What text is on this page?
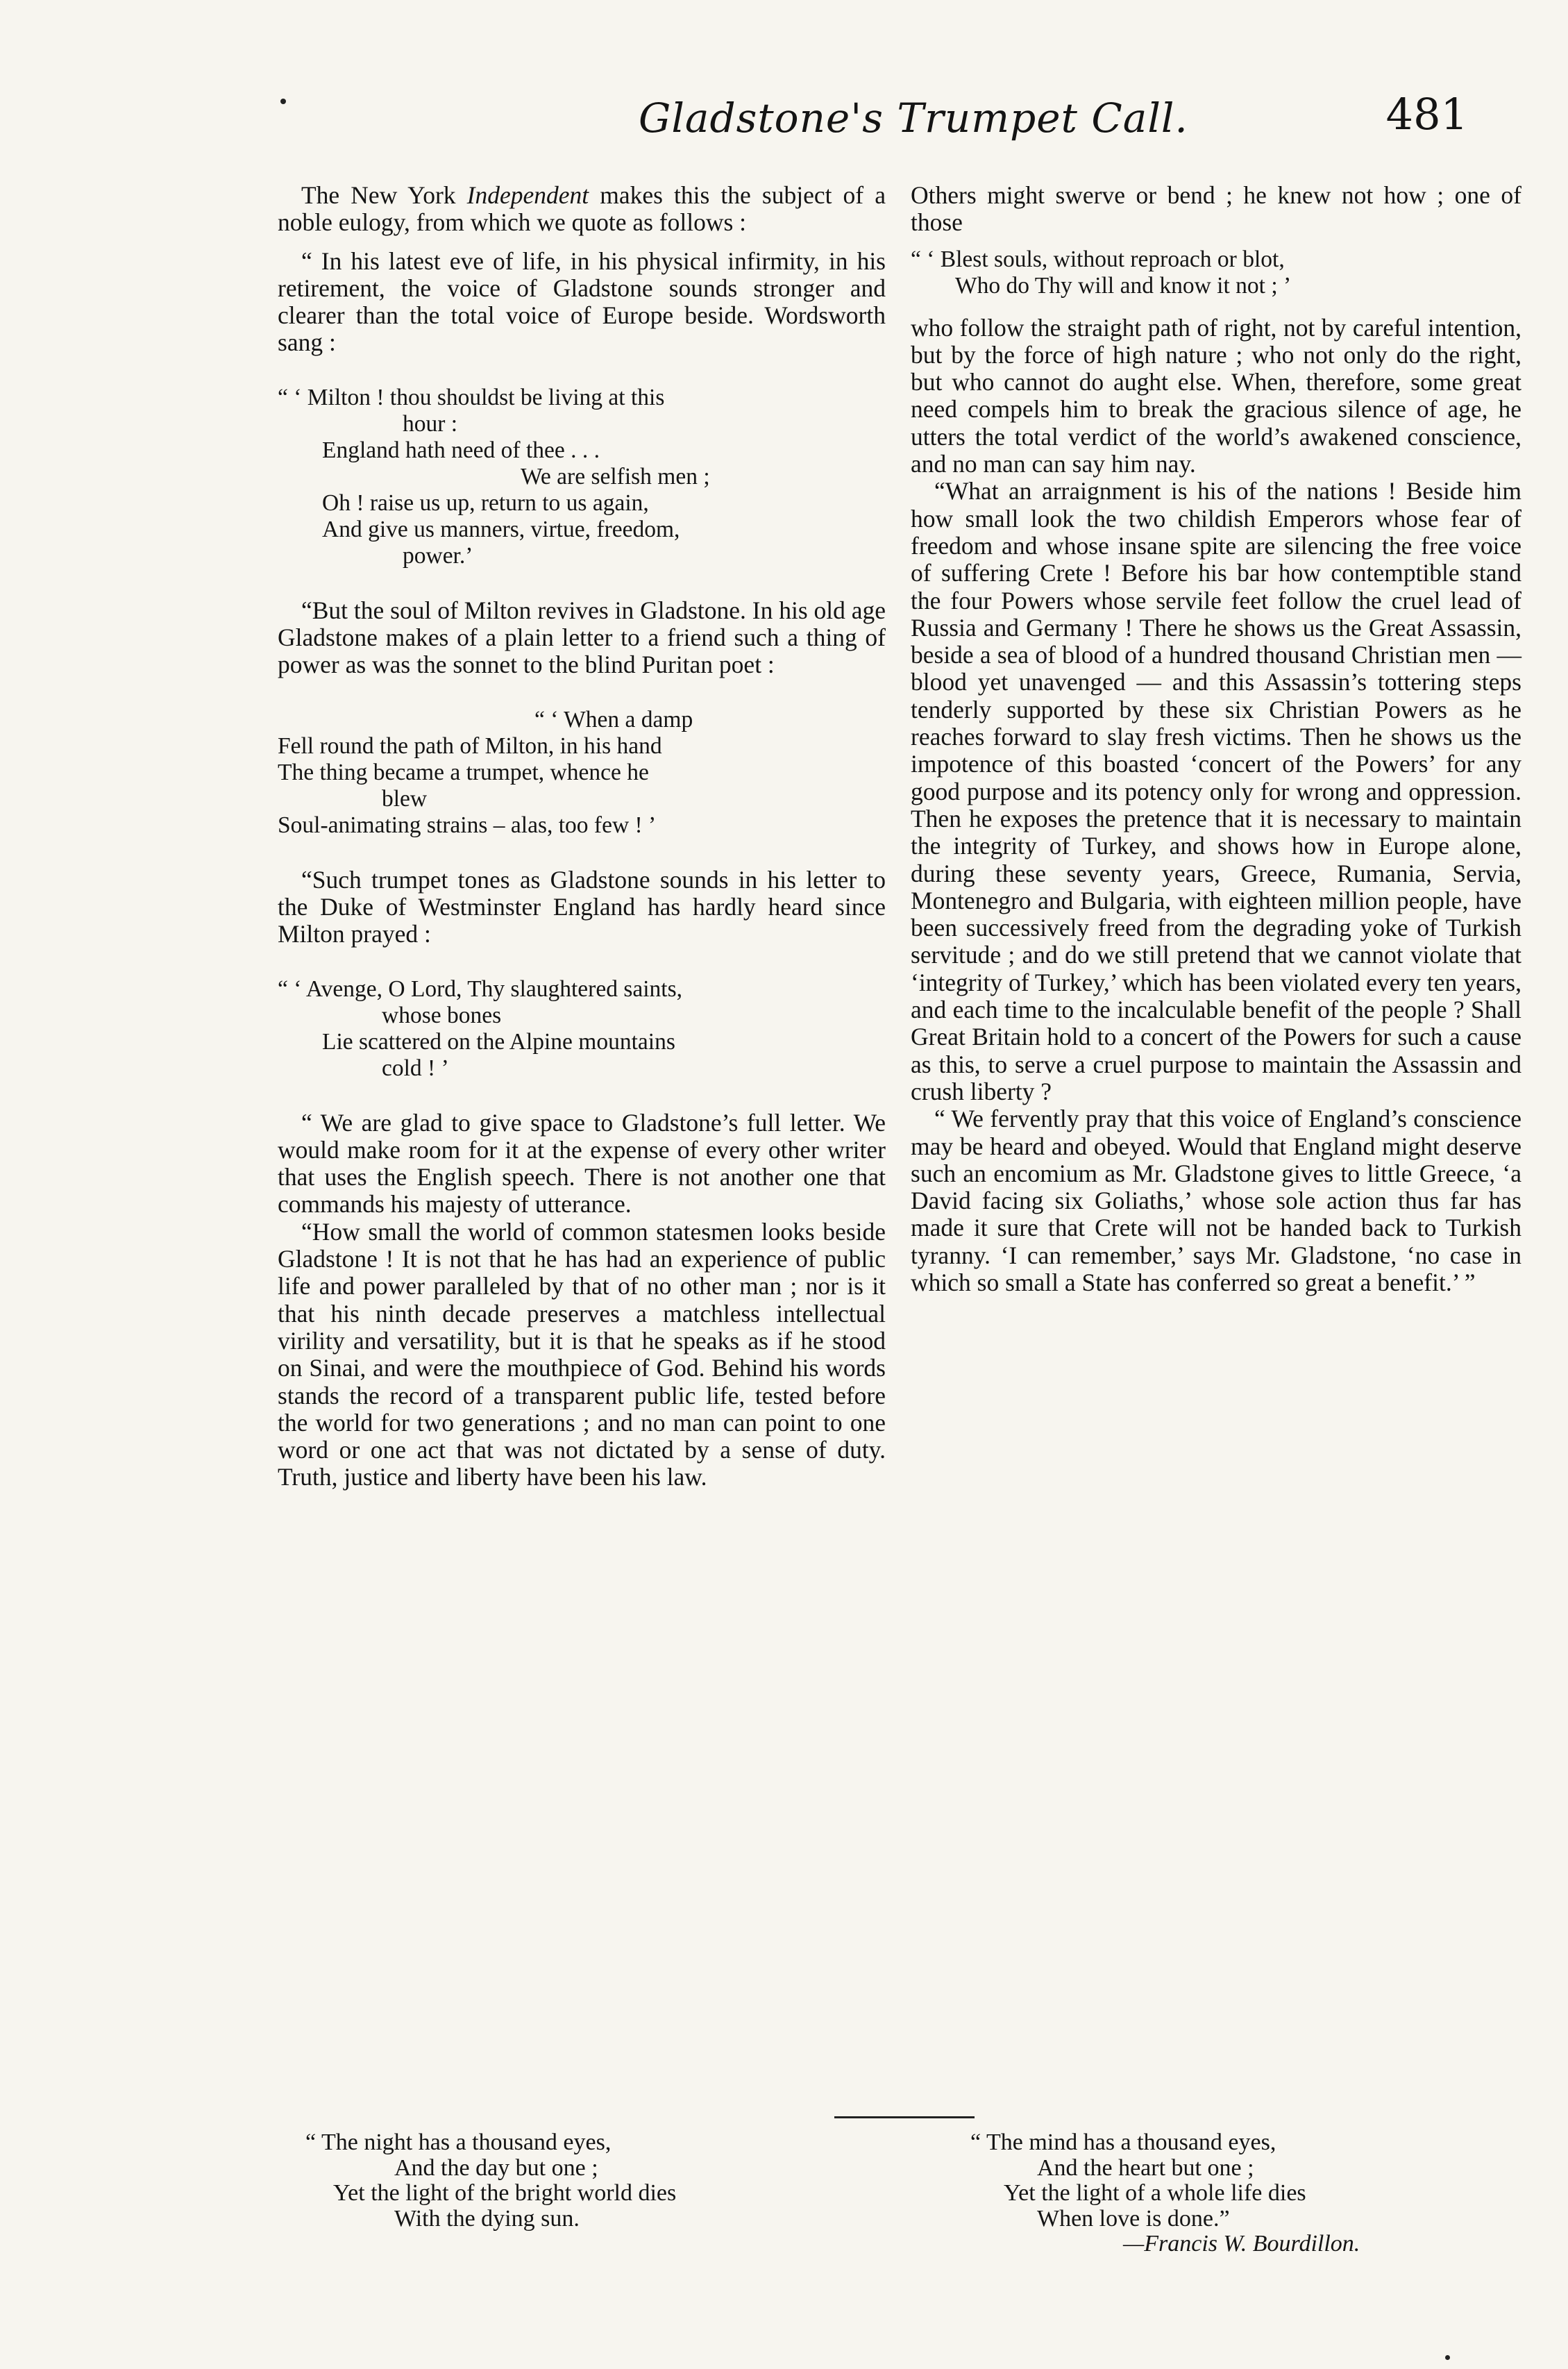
Gladstone's Trumpet Call.	481

The New York Independent makes this the subject of a noble eulogy, from which we quote as follows :

“ In his latest eve of life, in his physical infirmity, in his retirement, the voice of Gladstone sounds stronger and clearer than the total voice of Europe beside. Wordsworth sang :

“ ‘ Milton ! thou shouldst be living at this
hour :
England hath need of thee . . .
We are selfish men ;
Oh ! raise us up, return to us again,
And give us manners, virtue, freedom,
power.’

“But the soul of Milton revives in Gladstone. In his old age Gladstone makes of a plain letter to a friend such a thing of power as was the sonnet to the blind Puritan poet :

“ ‘ When a damp
Fell round the path of Milton, in his hand
The thing became a trumpet, whence he
blew
Soul-animating strains – alas, too few ! ’

“Such trumpet tones as Gladstone sounds in his letter to the Duke of Westminster England has hardly heard since Milton prayed :

“ ‘ Avenge, O Lord, Thy slaughtered saints,
whose bones
Lie scattered on the Alpine mountains
cold ! ’

“ We are glad to give space to Gladstone’s full letter. We would make room for it at the expense of every other writer that uses the English speech. There is not another one that commands his majesty of utterance.

“How small the world of common statesmen looks beside Gladstone ! It is not that he has had an experience of public life and power paralleled by that of no other man ; nor is it that his ninth decade preserves a matchless intellectual virility and versatility, but it is that he speaks as if he stood on Sinai, and were the mouthpiece of God. Behind his words stands the record of a transparent public life, tested before the world for two generations ; and no man can point to one word or one act that was not dictated by a sense of duty. Truth, justice and liberty have been his law.

Others might swerve or bend ; he knew not how ; one of those

“ ‘ Blest souls, without reproach or blot,
Who do Thy will and know it not ; ’

who follow the straight path of right, not by careful intention, but by the force of high nature ; who not only do the right, but who cannot do aught else. When, therefore, some great need compels him to break the gracious silence of age, he utters the total verdict of the world’s awakened conscience, and no man can say him nay.

“What an arraignment is his of the nations ! Beside him how small look the two childish Emperors whose fear of freedom and whose insane spite are silencing the free voice of suffering Crete ! Before his bar how contemptible stand the four Powers whose servile feet follow the cruel lead of Russia and Germany ! There he shows us the Great Assassin, beside a sea of blood of a hundred thousand Christian men — blood yet unavenged — and this Assassin’s tottering steps tenderly supported by these six Christian Powers as he reaches forward to slay fresh victims. Then he shows us the impotence of this boasted ‘concert of the Powers’ for any good purpose and its potency only for wrong and oppression. Then he exposes the pretence that it is necessary to maintain the integrity of Turkey, and shows how in Europe alone, during these seventy years, Greece, Rumania, Servia, Montenegro and Bulgaria, with eighteen million people, have been successively freed from the degrading yoke of Turkish servitude ; and do we still pretend that we cannot violate that ‘integrity of Turkey,’ which has been violated every ten years, and each time to the incalculable benefit of the people ? Shall Great Britain hold to a concert of the Powers for such a cause as this, to serve a cruel purpose to maintain the Assassin and crush liberty ?

“ We fervently pray that this voice of England’s conscience may be heard and obeyed. Would that England might deserve such an encomium as Mr. Gladstone gives to little Greece, ‘a David facing six Goliaths,’ whose sole action thus far has made it sure that Crete will not be handed back to Turkish tyranny. ‘I can remember,’ says Mr. Gladstone, ‘no case in which so small a State has conferred so great a benefit.’ ”

“ The night has a thousand eyes,
And the day but one ;
Yet the light of the bright world dies
With the dying sun.
“ The mind has a thousand eyes,
And the heart but one ;
Yet the light of a whole life dies
When love is done.”
—Francis W. Bourdillon.
